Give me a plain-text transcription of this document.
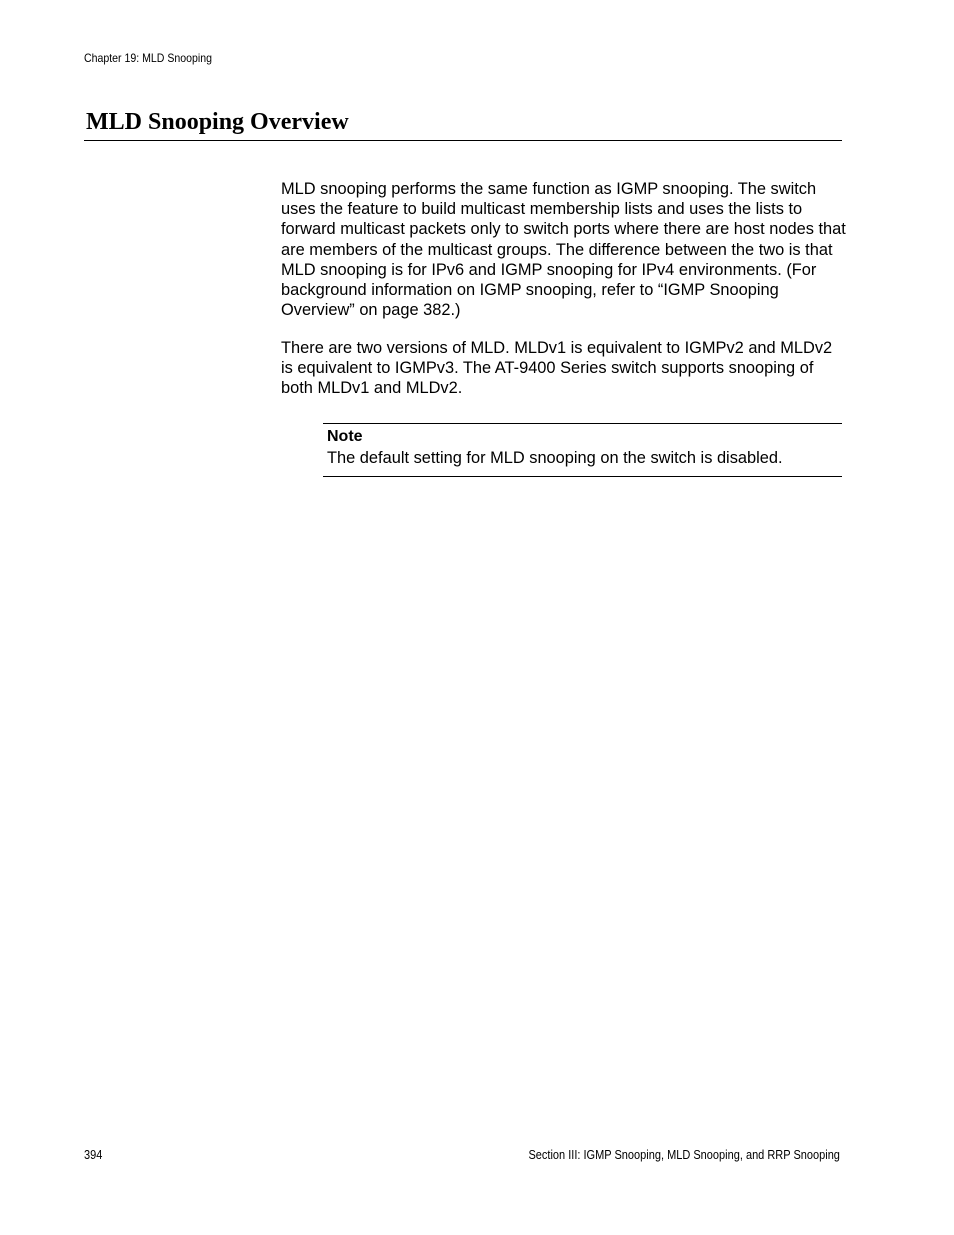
Chapter 19: MLD Snooping
MLD Snooping Overview

MLD snooping performs the same function as IGMP snooping. The switch uses the feature to build multicast membership lists and uses the lists to forward multicast packets only to switch ports where there are host nodes that are members of the multicast groups. The difference between the two is that MLD snooping is for IPv6 and IGMP snooping for IPv4 environments. (For background information on IGMP snooping, refer to “IGMP Snooping Overview” on page 382.)

There are two versions of MLD. MLDv1 is equivalent to IGMPv2 and MLDv2 is equivalent to IGMPv3. The AT-9400 Series switch supports snooping of both MLDv1 and MLDv2.

Note
The default setting for MLD snooping on the switch is disabled.
394	Section III: IGMP Snooping, MLD Snooping, and RRP Snooping
